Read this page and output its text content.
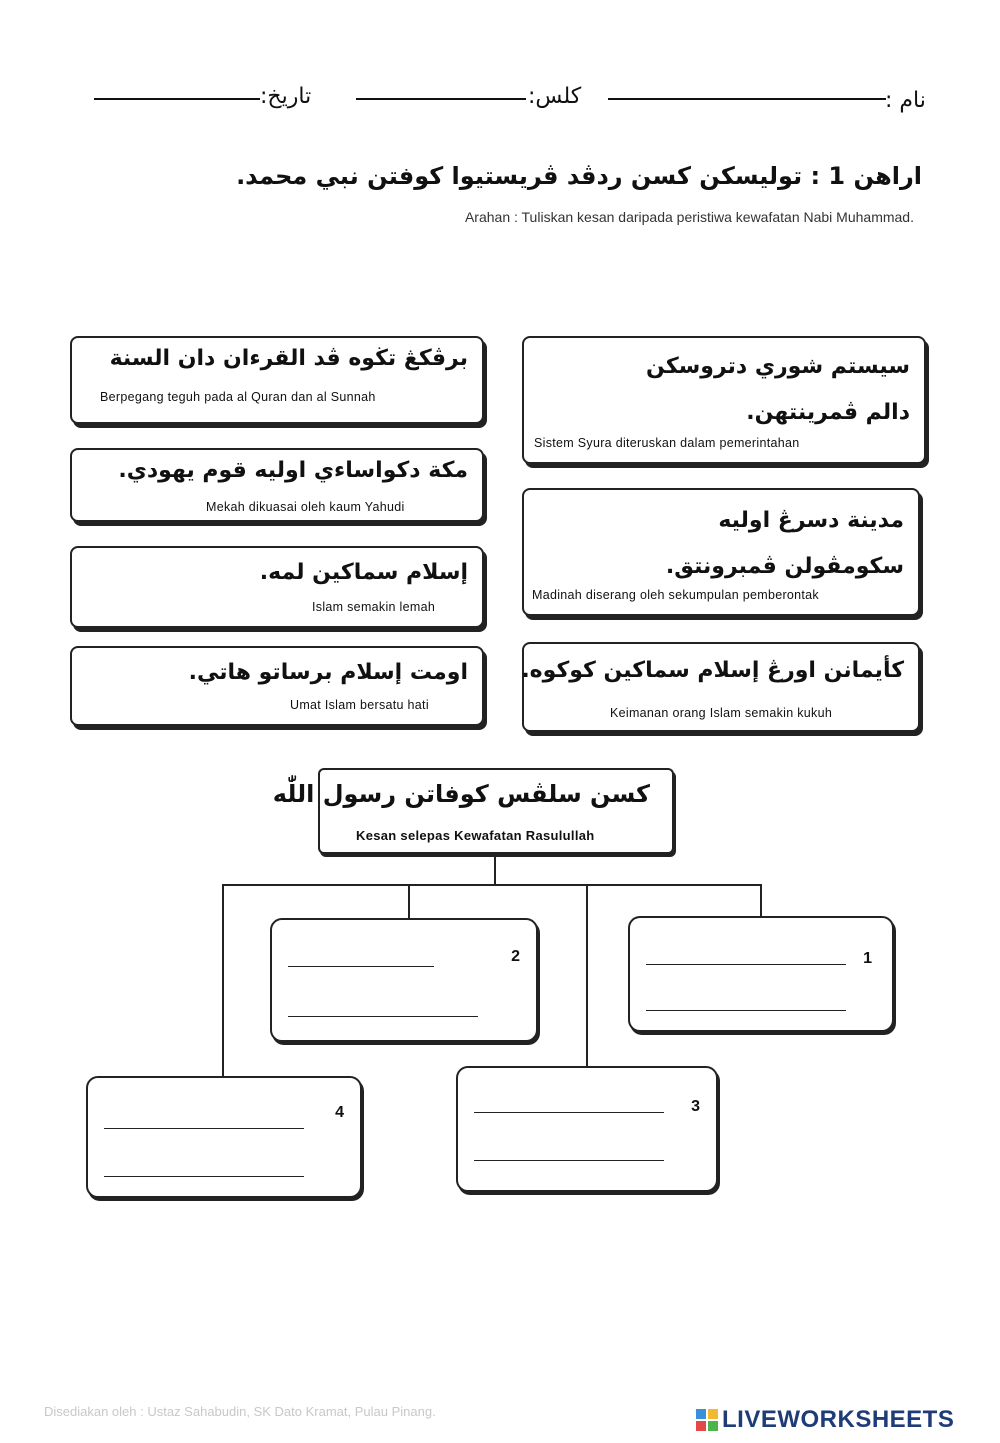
نام :
كلس:
تاريخ:
اراهن 1 : توليسكن كسن ردڤد ڤريستيوا كوفتن نبي محمد.
Arahan : Tuliskan kesan daripada peristiwa kewafatan Nabi Muhammad.
برڤكڠ تڬوه ڤد القرءان دان السنة
Berpegang teguh pada al Quran dan al Sunnah
مكة دكواساءي اوليه قوم يهودي.
Mekah dikuasai oleh kaum Yahudi
إسلام سماكين لمه.
Islam semakin lemah
اومت إسلام برساتو هاتي.
Umat Islam bersatu hati
سيستم شوري دتروسكن دالم ڤمرينتهن.
Sistem Syura diteruskan dalam pemerintahan
مدينة دسرڠ اوليه سکومڤولن ڤمبرونتق.
Madinah diserang oleh sekumpulan pemberontak
كأيمانن اورڠ إسلام سماكين كوكوه.
Keimanan orang Islam semakin kukuh
كسن سلڤس كوفاتن رسول اللّٰه
Kesan selepas Kewafatan Rasulullah
1
2
3
4
Disediakan oleh : Ustaz Sahabudin, SK Dato Kramat, Pulau Pinang.	LIVEWORKSHEETS
